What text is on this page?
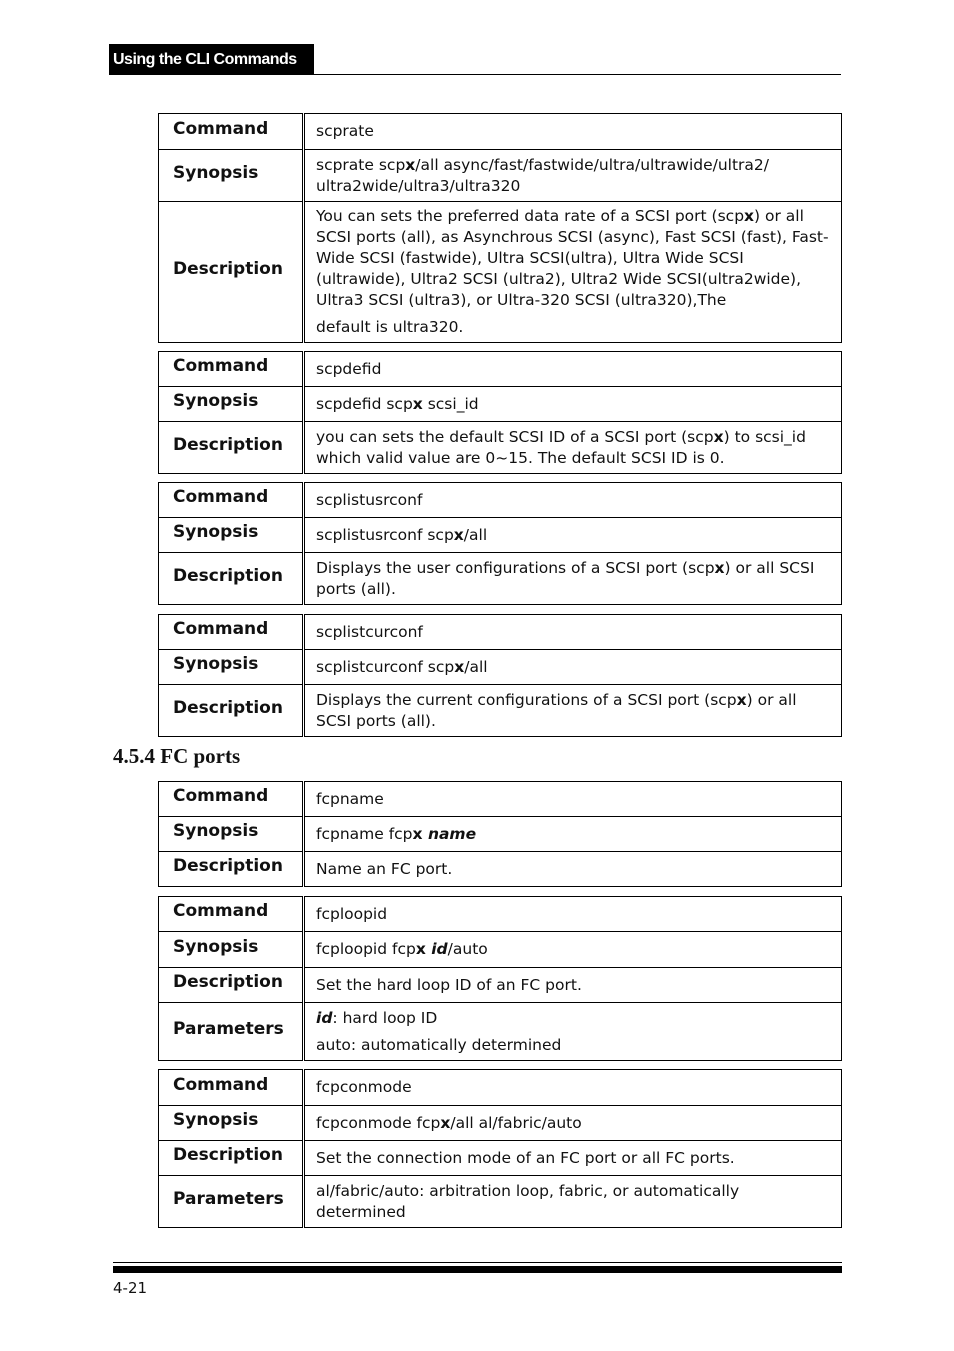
Using the CLI Commands
Command	scprate
Synopsis	scprate scpx/all async/fast/fastwide/ultra/ultrawide/ultra2/ ultra2wide/ultra3/ultra320
Description	You can sets the preferred data rate of a SCSI port (scpx) or all SCSI ports (all), as Asynchrous SCSI (async), Fast SCSI (fast), Fast-Wide SCSI (fastwide), Ultra SCSI(ultra), Ultra Wide SCSI (ultrawide), Ultra2 SCSI (ultra2), Ultra2 Wide SCSI(ultra2wide), Ultra3 SCSI (ultra3), or Ultra-320 SCSI (ultra320),The
default is ultra320.
Command	scpdefid
Synopsis	scpdefid scpx scsi_id
Description	you can sets the default SCSI ID of a SCSI port (scpx) to scsi_id which valid value are 0~15. The default SCSI ID is 0.
Command	scplistusrconf
Synopsis	scplistusrconf scpx/all
Description	Displays the user configurations of a SCSI port (scpx) or all SCSI ports (all).
Command	scplistcurconf
Synopsis	scplistcurconf scpx/all
Description	Displays the current configurations of a SCSI port (scpx) or all SCSI ports (all).
4.5.4 FC ports
Command	fcpname
Synopsis	fcpname fcpx name
Description	Name an FC port.
Command	fcploopid
Synopsis	fcploopid fcpx id/auto
Description	Set the hard loop ID of an FC port.
Parameters	id: hard loop ID
auto: automatically determined
Command	fcpconmode
Synopsis	fcpconmode fcpx/all al/fabric/auto
Description	Set the connection mode of an FC port or all FC ports.
Parameters	al/fabric/auto: arbitration loop, fabric, or automatically determined
4-21
